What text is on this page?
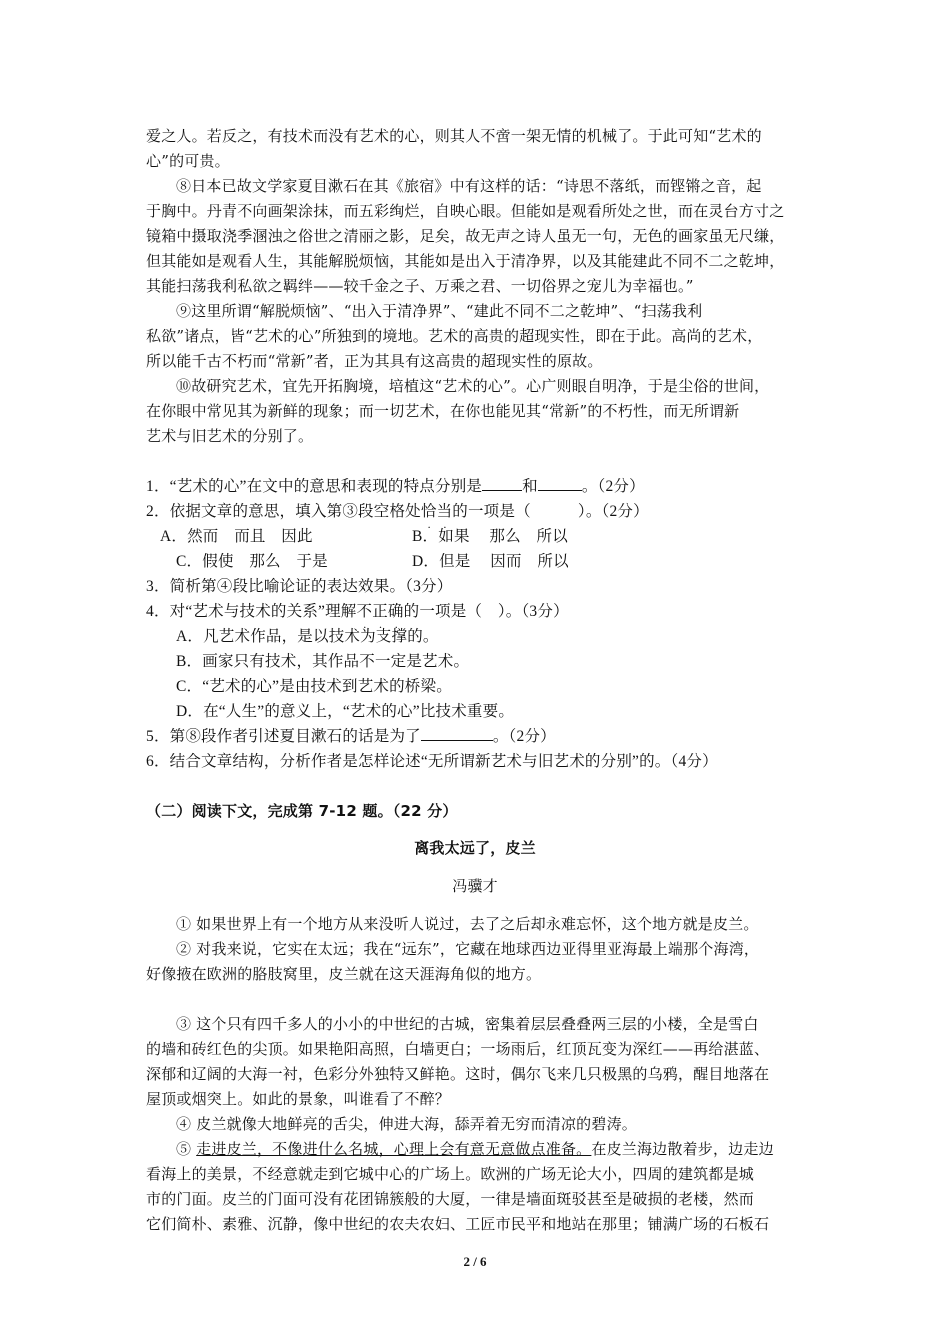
爱之人。若反之，有技术而没有艺术的心，则其人不啻一架无情的机械了。于此可知“艺术的
心”的可贵。
⑧日本已故文学家夏目漱石在其《旅宿》中有这样的话：“诗思不落纸，而铿锵之音，起
于胸中。丹青不向画架涂抹，而五彩绚烂，自映心眼。但能如是观看所处之世，而在灵台方寸之
镜箱中摄取浇季溷浊之俗世之清丽之影，足矣，故无声之诗人虽无一句，无色的画家虽无尺缣，
但其能如是观看人生，其能解脱烦恼，其能如是出入于清净界，以及其能建此不同不二之乾坤，
其能扫荡我利私欲之羁绊——较千金之子、万乘之君、一切俗界之宠儿为幸福也。”
⑨这里所谓“解脱烦恼”、“出入于清净界”、“建此不同不二之乾坤”、“扫荡我利
私欲”诸点，皆“艺术的心”所独到的境地。艺术的高贵的超现实性，即在于此。高尚的艺术，
所以能千古不朽而“常新”者，正为其具有这高贵的超现实性的原故。
⑩故研究艺术，宜先开拓胸境，培植这“艺术的心”。心广则眼自明净，于是尘俗的世间，
在你眼中常见其为新鲜的现象；而一切艺术，在你也能见其“常新”的不朽性，而无所谓新
艺术与旧艺术的分别了。
1．“艺术的心”在文中的意思和表现的特点分别是	和	。（2分）
2．依据文章的意思，填入第③段空格处恰当的一项是（　　　）。（2分）
A．然而　而且　因此	B．如果　 那么　所以
C．假使　那么　于是	D．但是　 因而　所以
3．简析第④段比喻论证的表达效果。（3分）
4．对“艺术与技术的关系”理解不正确的一项是（　）。（3分）
A．凡艺术作品，是以技术为支撑的。
B．画家只有技术，其作品不一定是艺术。
C．“艺术的心”是由技术到艺术的桥梁。
D．在“人生”的意义上，“艺术的心”比技术重要。
5．第⑧段作者引述夏目漱石的话是为了	。（2分）
6．结合文章结构，分析作者是怎样论述“无所谓新艺术与旧艺术的分别”的。（4分）
（二）阅读下文，完成第 7-12 题。（22 分）
离我太远了，皮兰
冯骥才
① 如果世界上有一个地方从来没听人说过，去了之后却永难忘怀，这个地方就是皮兰。
② 对我来说，它实在太远；我在“远东”，它藏在地球西边亚得里亚海最上端那个海湾，
好像掖在欧洲的胳肢窝里，皮兰就在这天涯海角似的地方。
③ 这个只有四千多人的小小的中世纪的古城，密集着层层叠叠两三层的小楼，全是雪白
的墙和砖红色的尖顶。如果艳阳高照，白墙更白；一场雨后，红顶瓦变为深红——再给湛蓝、
深郁和辽阔的大海一衬，色彩分外独特又鲜艳。这时，偶尔飞来几只极黑的乌鸦，醒目地落在
屋顶或烟突上。如此的景象，叫谁看了不醉？
④ 皮兰就像大地鲜亮的舌尖，伸进大海，舔弄着无穷而清凉的碧涛。
⑤ 走进皮兰，不像进什么名城，心理上会有意无意做点准备。在皮兰海边散着步，边走边
看海上的美景，不经意就走到它城中心的广场上。欧洲的广场无论大小，四周的建筑都是城
市的门面。皮兰的门面可没有花团锦簇般的大厦，一律是墙面斑驳甚至是破损的老楼，然而
它们简朴、素雅、沉静，像中世纪的农夫农妇、工匠市民平和地站在那里；铺满广场的石板石
2 / 6
